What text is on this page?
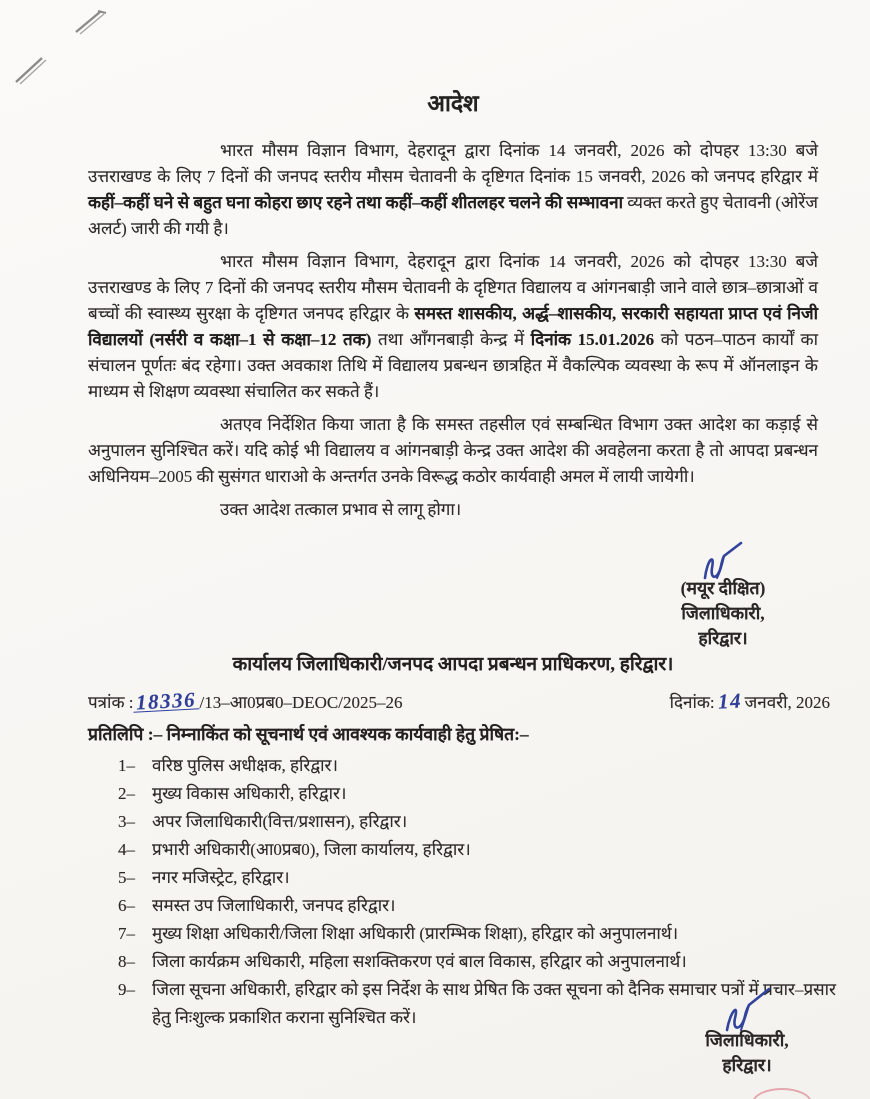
आदेश

भारत मौसम विज्ञान विभाग, देहरादून द्वारा दिनांक 14 जनवरी, 2026 को दोपहर 13:30 बजे उत्तराखण्ड के लिए 7 दिनों की जनपद स्तरीय मौसम चेतावनी के दृष्टिगत दिनांक 15 जनवरी, 2026 को जनपद हरिद्वार में कहीं–कहीं घने से बहुत घना कोहरा छाए रहने तथा कहीं–कहीं शीतलहर चलने की सम्भावना व्यक्त करते हुए चेतावनी (ओरेंज अलर्ट) जारी की गयी है।

भारत मौसम विज्ञान विभाग, देहरादून द्वारा दिनांक 14 जनवरी, 2026 को दोपहर 13:30 बजे उत्तराखण्ड के लिए 7 दिनों की जनपद स्तरीय मौसम चेतावनी के दृष्टिगत विद्यालय व आंगनबाड़ी जाने वाले छात्र–छात्राओं व बच्चों की स्वास्थ्य सुरक्षा के दृष्टिगत जनपद हरिद्वार के समस्त शासकीय, अर्द्ध–शासकीय, सरकारी सहायता प्राप्त एवं निजी विद्यालयों (नर्सरी व कक्षा–1 से कक्षा–12 तक) तथा ऑंगनबाड़ी केन्द्र में दिनांक 15.01.2026 को पठन–पाठन कार्यों का संचालन पूर्णतः बंद रहेगा। उक्त अवकाश तिथि में विद्यालय प्रबन्धन छात्रहित में वैकल्पिक व्यवस्था के रूप में ऑनलाइन के माध्यम से शिक्षण व्यवस्था संचालित कर सकते हैं।

अतएव निर्देशित किया जाता है कि समस्त तहसील एवं सम्बन्धित विभाग उक्त आदेश का कड़ाई से अनुपालन सुनिश्चित करें। यदि कोई भी विद्यालय व आंगनबाड़ी केन्द्र उक्त आदेश की अवहेलना करता है तो आपदा प्रबन्धन अधिनियम–2005 की सुसंगत धाराओ के अन्तर्गत उनके विरूद्ध कठोर कार्यवाही अमल में लायी जायेगी।

उक्त आदेश तत्काल प्रभाव से लागू होगा।

(मयूर दीक्षित)
जिलाधिकारी,
हरिद्वार।
कार्यालय जिलाधिकारी/जनपद आपदा प्रबन्धन प्राधिकरण, हरिद्वार।
पत्रांक : 18336 /13–आ0प्रब0–DEOC/2025–26	दिनांक: 14 जनवरी, 2026
प्रतिलिपि :– निम्नाकिंत को सूचनार्थ एवं आवश्यक कार्यवाही हेतु प्रेषित:–
1–	वरिष्ठ पुलिस अधीक्षक, हरिद्वार।
2–	मुख्य विकास अधिकारी, हरिद्वार।
3–	अपर जिलाधिकारी(वित्त/प्रशासन), हरिद्वार।
4–	प्रभारी अधिकारी(आ0प्रब0), जिला कार्यालय, हरिद्वार।
5–	नगर मजिस्ट्रेट, हरिद्वार।
6–	समस्त उप जिलाधिकारी, जनपद हरिद्वार।
7–	मुख्य शिक्षा अधिकारी/जिला शिक्षा अधिकारी (प्रारम्भिक शिक्षा), हरिद्वार को अनुपालनार्थ।
8–	जिला कार्यक्रम अधिकारी, महिला सशक्तिकरण एवं बाल विकास, हरिद्वार को अनुपालनार्थ।
9–	जिला सूचना अधिकारी, हरिद्वार को इस निर्देश के साथ प्रेषित कि उक्त सूचना को दैनिक समाचार पत्रों में प्रचार–प्रसार हेतु निःशुल्क प्रकाशित कराना सुनिश्चित करें।
जिलाधिकारी,
हरिद्वार।
